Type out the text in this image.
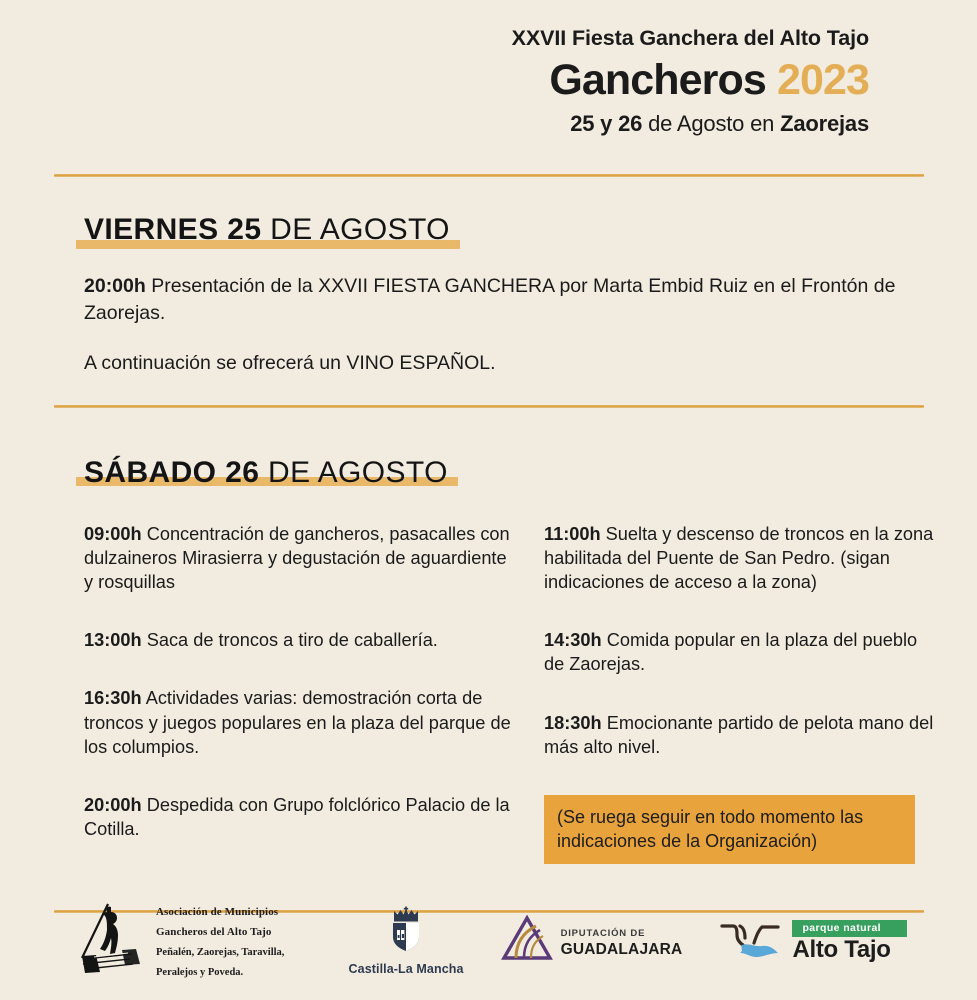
XXVII Fiesta Ganchera del Alto Tajo
Gancheros 2023
25 y 26 de Agosto en Zaorejas
VIERNES 25 DE AGOSTO
20:00h Presentación de la XXVII FIESTA GANCHERA por Marta Embid Ruiz en el Frontón de Zaorejas.
A continuación se ofrecerá un VINO ESPAÑOL.
SÁBADO 26 DE AGOSTO
09:00h Concentración de gancheros, pasacalles con dulzaineros Mirasierra y degustación de aguardiente y rosquillas
13:00h Saca de troncos a tiro de caballería.
16:30h Actividades varias: demostración corta de troncos y juegos populares en la plaza del parque de los columpios.
20:00h Despedida con Grupo folclórico Palacio de la Cotilla.
11:00h Suelta y descenso de troncos en la zona habilitada del Puente de San Pedro. (sigan indicaciones de acceso a la zona)
14:30h Comida popular en la plaza del pueblo de Zaorejas.
18:30h Emocionante partido de pelota mano del más alto nivel.
(Se ruega seguir en todo momento las indicaciones de la Organización)
Asociación de Municipios
Gancheros del Alto Tajo Peñalén, Zaorejas, Taravilla,
Peralejos y Poveda.	Castilla-La Mancha
DIPUTACIÓN DE
GUADALAJARA
parque natural
Alto Tajo
